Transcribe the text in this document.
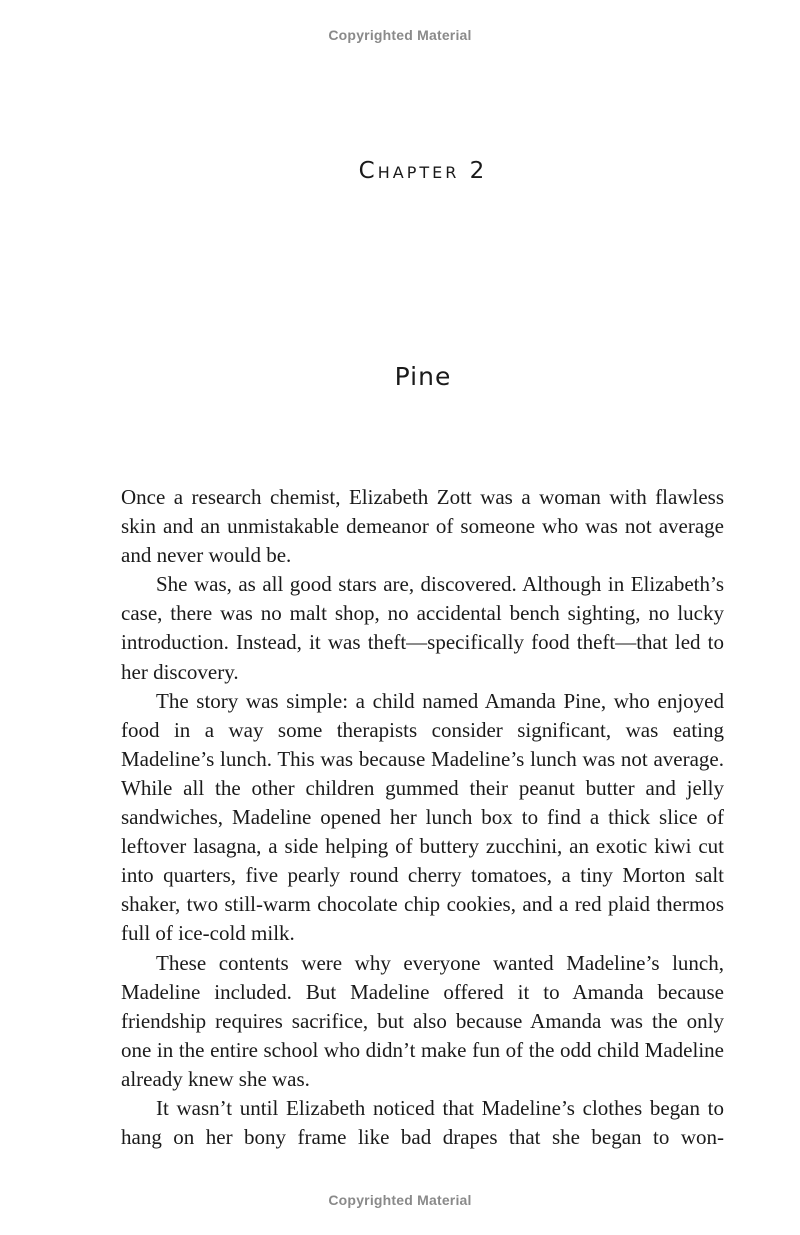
Copyrighted Material
Chapter 2
Pine

Once a research chemist, Elizabeth Zott was a woman with flawless skin and an unmistakable demeanor of someone who was not average and never would be.

She was, as all good stars are, discovered. Although in Elizabeth’s case, there was no malt shop, no accidental bench sighting, no lucky introduction. Instead, it was theft—specifically food theft—that led to her discovery.

The story was simple: a child named Amanda Pine, who enjoyed food in a way some therapists consider significant, was eating Madeline’s lunch. This was because Madeline’s lunch was not average. While all the other children gummed their peanut butter and jelly sandwiches, Madeline opened her lunch box to find a thick slice of leftover lasagna, a side helping of buttery zucchini, an exotic kiwi cut into quarters, five pearly round cherry tomatoes, a tiny Morton salt shaker, two still-warm chocolate chip cookies, and a red plaid thermos full of ice-cold milk.

These contents were why everyone wanted Madeline’s lunch, Madeline included. But Madeline offered it to Amanda because friendship requires sacrifice, but also because Amanda was the only one in the entire school who didn’t make fun of the odd child Madeline already knew she was.

It wasn’t until Elizabeth noticed that Madeline’s clothes began to hang on her bony frame like bad drapes that she began to won-

Copyrighted Material
